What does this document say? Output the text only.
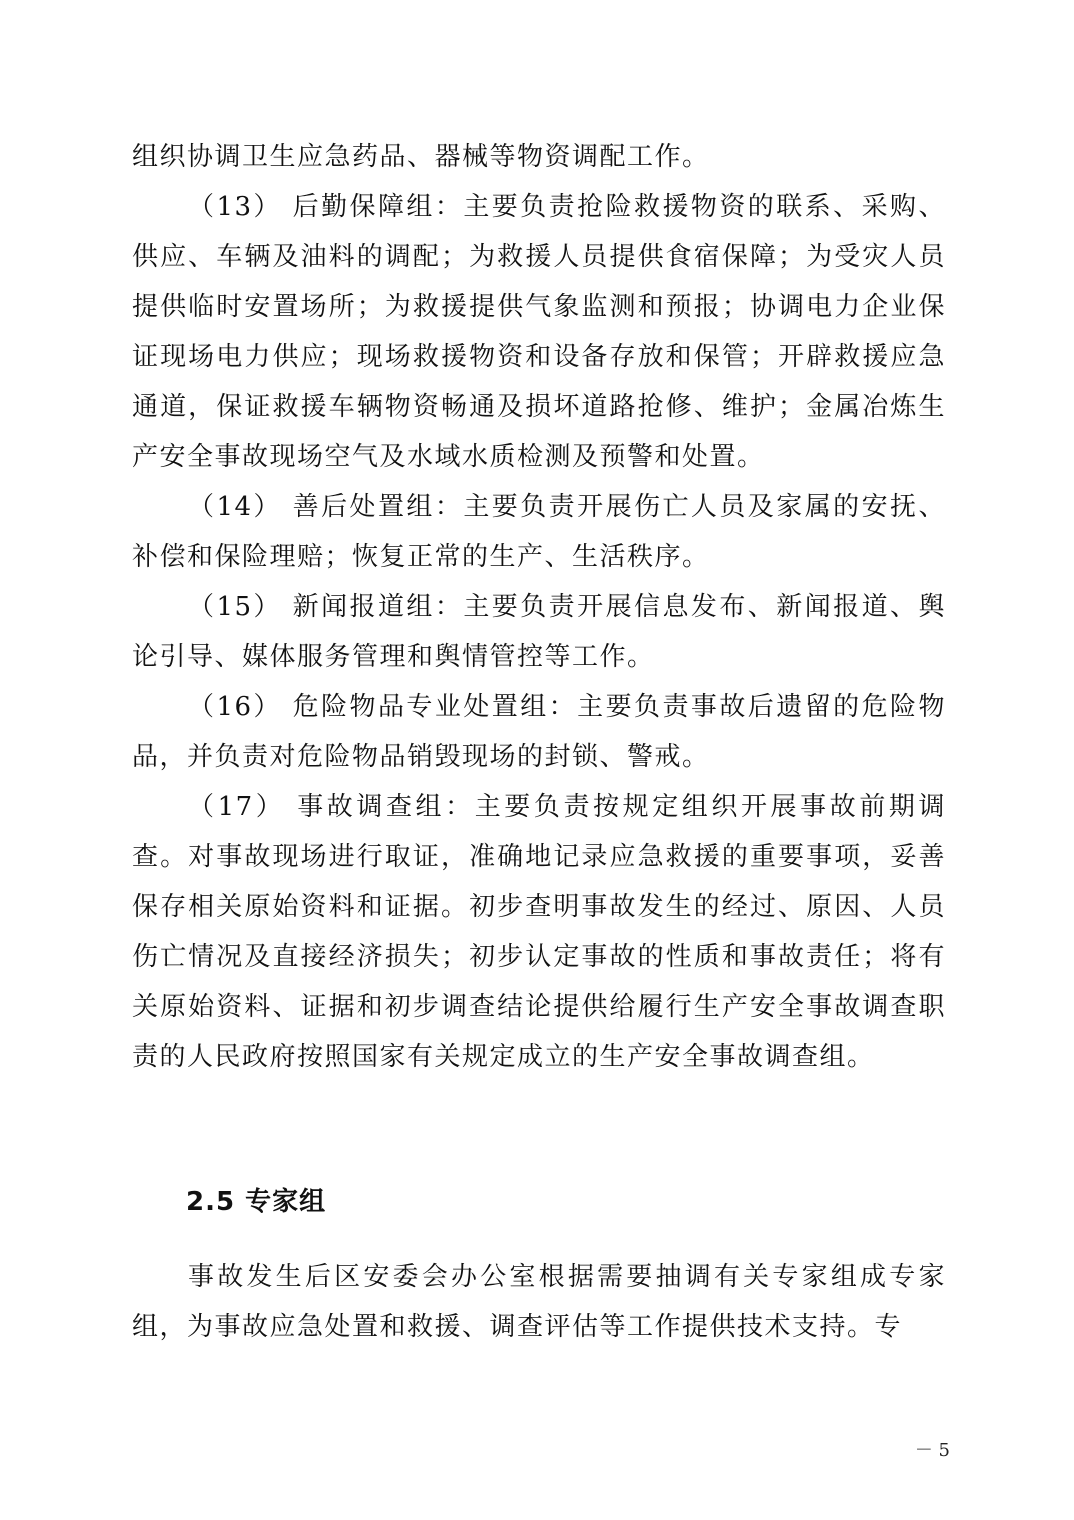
组织协调卫生应急药品、器械等物资调配工作。

（13） 后勤保障组：主要负责抢险救援物资的联系、采购、供应、车辆及油料的调配；为救援人员提供食宿保障；为受灾人员提供临时安置场所；为救援提供气象监测和预报；协调电力企业保证现场电力供应；现场救援物资和设备存放和保管；开辟救援应急通道，保证救援车辆物资畅通及损坏道路抢修、维护；金属冶炼生产安全事故现场空气及水域水质检测及预警和处置。

（14） 善后处置组：主要负责开展伤亡人员及家属的安抚、补偿和保险理赔；恢复正常的生产、生活秩序。

（15） 新闻报道组：主要负责开展信息发布、新闻报道、舆论引导、媒体服务管理和舆情管控等工作。

（16） 危险物品专业处置组：主要负责事故后遗留的危险物品，并负责对危险物品销毁现场的封锁、警戒。

（17） 事故调查组：主要负责按规定组织开展事故前期调查。对事故现场进行取证，准确地记录应急救援的重要事项，妥善保存相关原始资料和证据。初步查明事故发生的经过、原因、人员伤亡情况及直接经济损失；初步认定事故的性质和事故责任；将有关原始资料、证据和初步调查结论提供给履行生产安全事故调查职责的人民政府按照国家有关规定成立的生产安全事故调查组。

2.5 专家组

事故发生后区安委会办公室根据需要抽调有关专家组成专家组，为事故应急处置和救援、调查评估等工作提供技术支持。专

－ 5
